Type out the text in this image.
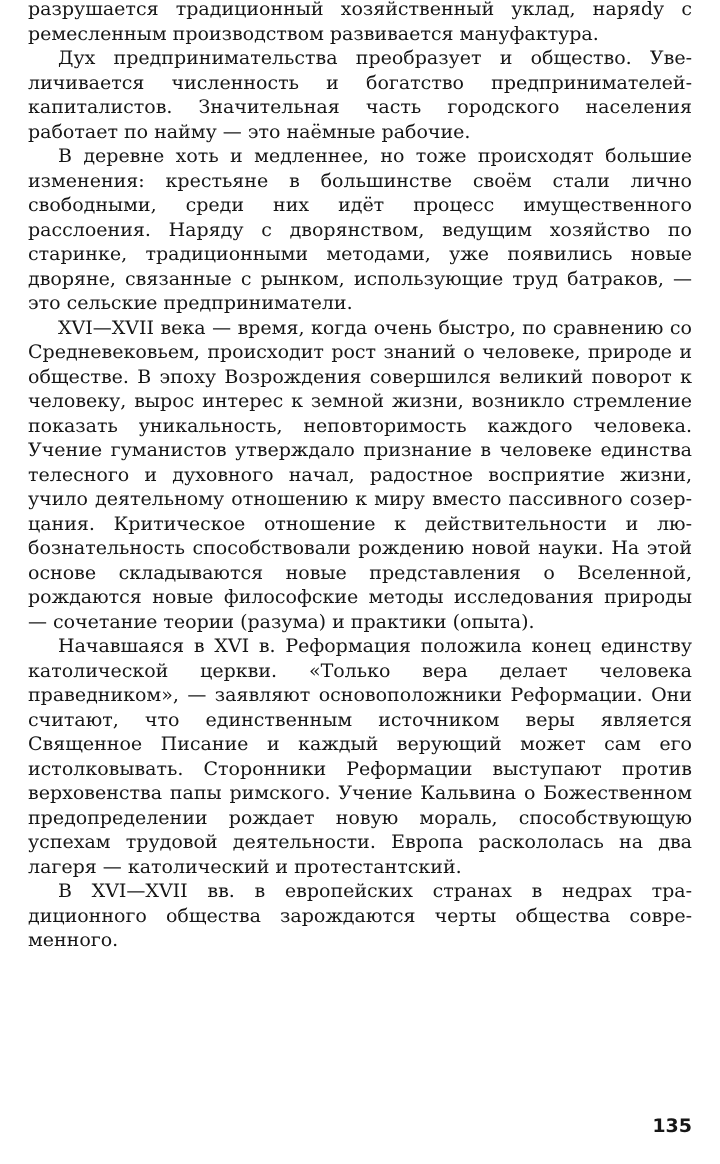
разрушается традиционный хозяйственный уклад, наряdу с ремесленным производством развивается мануфактура.

Дух предпринимательства преобразует и общество. Увеличивается численность и богатство предпринимателей-капиталистов. Значительная часть городского населения работает по найму — это наёмные рабочие.

В деревне хоть и медленнее, но тоже происходят большие изменения: крестьяне в большинстве своём стали лично свободными, среди них идёт процесс имущественного расслоения. Наряду с дворянством, ведущим хозяйство по старинке, традиционными методами, уже появились новые дворяне, связанные с рынком, использующие труд батраков, — это сельские предприниматели.

XVI—XVII века — время, когда очень быстро, по сравнению со Средневековьем, происходит рост знаний о человеке, природе и обществе. В эпоху Возрождения совершился великий поворот к человеку, вырос интерес к земной жизни, возникло стремление показать уникальность, неповторимость каждого человека. Учение гуманистов утверждало признание в человеке единства телесного и духовного начал, радостное восприятие жизни, учило деятельному отношению к миру вместо пассивного созерцания. Критическое отношение к действительности и любознательность способствовали рождению новой науки. На этой основе складываются новые представления о Вселенной, рождаются новые философские методы исследования природы — сочетание теории (разума) и практики (опыта).

Начавшаяся в XVI в. Реформация положила конец единству католической церкви. «Только вера делает человека праведником», — заявляют основоположники Реформации. Они считают, что единственным источником веры является Священное Писание и каждый верующий может сам его истолковывать. Сторонники Реформации выступают против верховенства папы римского. Учение Кальвина о Божественном предопределении рождает новую мораль, способствующую успехам трудовой деятельности. Европа раскололась на два лагеря — католический и протестантский.

В XVI—XVII вв. в европейских странах в недрах традиционного общества зарождаются черты общества современного.

135
